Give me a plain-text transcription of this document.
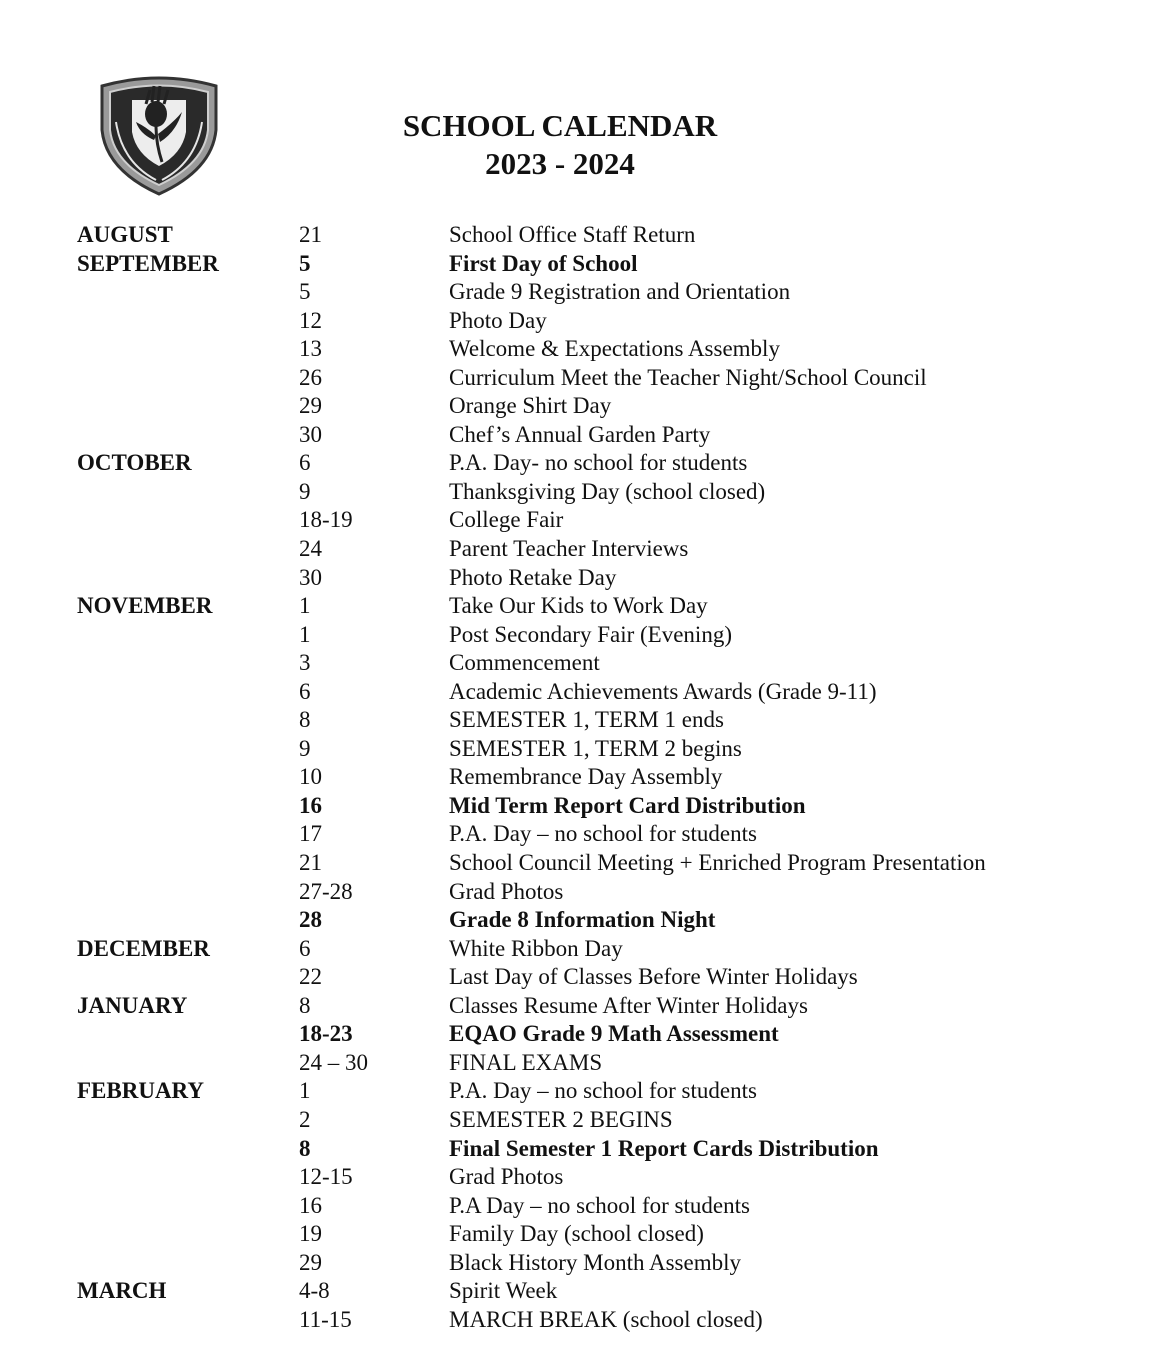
SCHOOL CALENDAR
2023 - 2024
AUGUST	21	School Office Staff Return
SEPTEMBER	5	First Day of School
5	Grade 9 Registration and Orientation
12	Photo Day
13	Welcome & Expectations Assembly
26	Curriculum Meet the Teacher Night/School Council
29	Orange Shirt Day
30	Chef’s Annual Garden Party
OCTOBER	6	P.A. Day- no school for students
9	Thanksgiving Day (school closed)
18-19	College Fair
24	Parent Teacher Interviews
30	Photo Retake Day
NOVEMBER	1	Take Our Kids to Work Day
1	Post Secondary Fair (Evening)
3	Commencement
6	Academic Achievements Awards (Grade 9-11)
8	SEMESTER 1, TERM 1 ends
9	SEMESTER 1, TERM 2 begins
10	Remembrance Day Assembly
16	Mid Term Report Card Distribution
17	P.A. Day – no school for students
21	School Council Meeting + Enriched Program Presentation
27-28	Grad Photos
28	Grade 8 Information Night
DECEMBER	6	White Ribbon Day
22	Last Day of Classes Before Winter Holidays
JANUARY	8	Classes Resume After Winter Holidays
18-23	EQAO Grade 9 Math Assessment
24 – 30	FINAL EXAMS
FEBRUARY	1	P.A. Day – no school for students
2	SEMESTER 2 BEGINS
8	Final Semester 1 Report Cards Distribution
12-15	Grad Photos
16	P.A Day – no school for students
19	Family Day (school closed)
29	Black History Month Assembly
MARCH	4-8	Spirit Week
11-15	MARCH BREAK (school closed)
